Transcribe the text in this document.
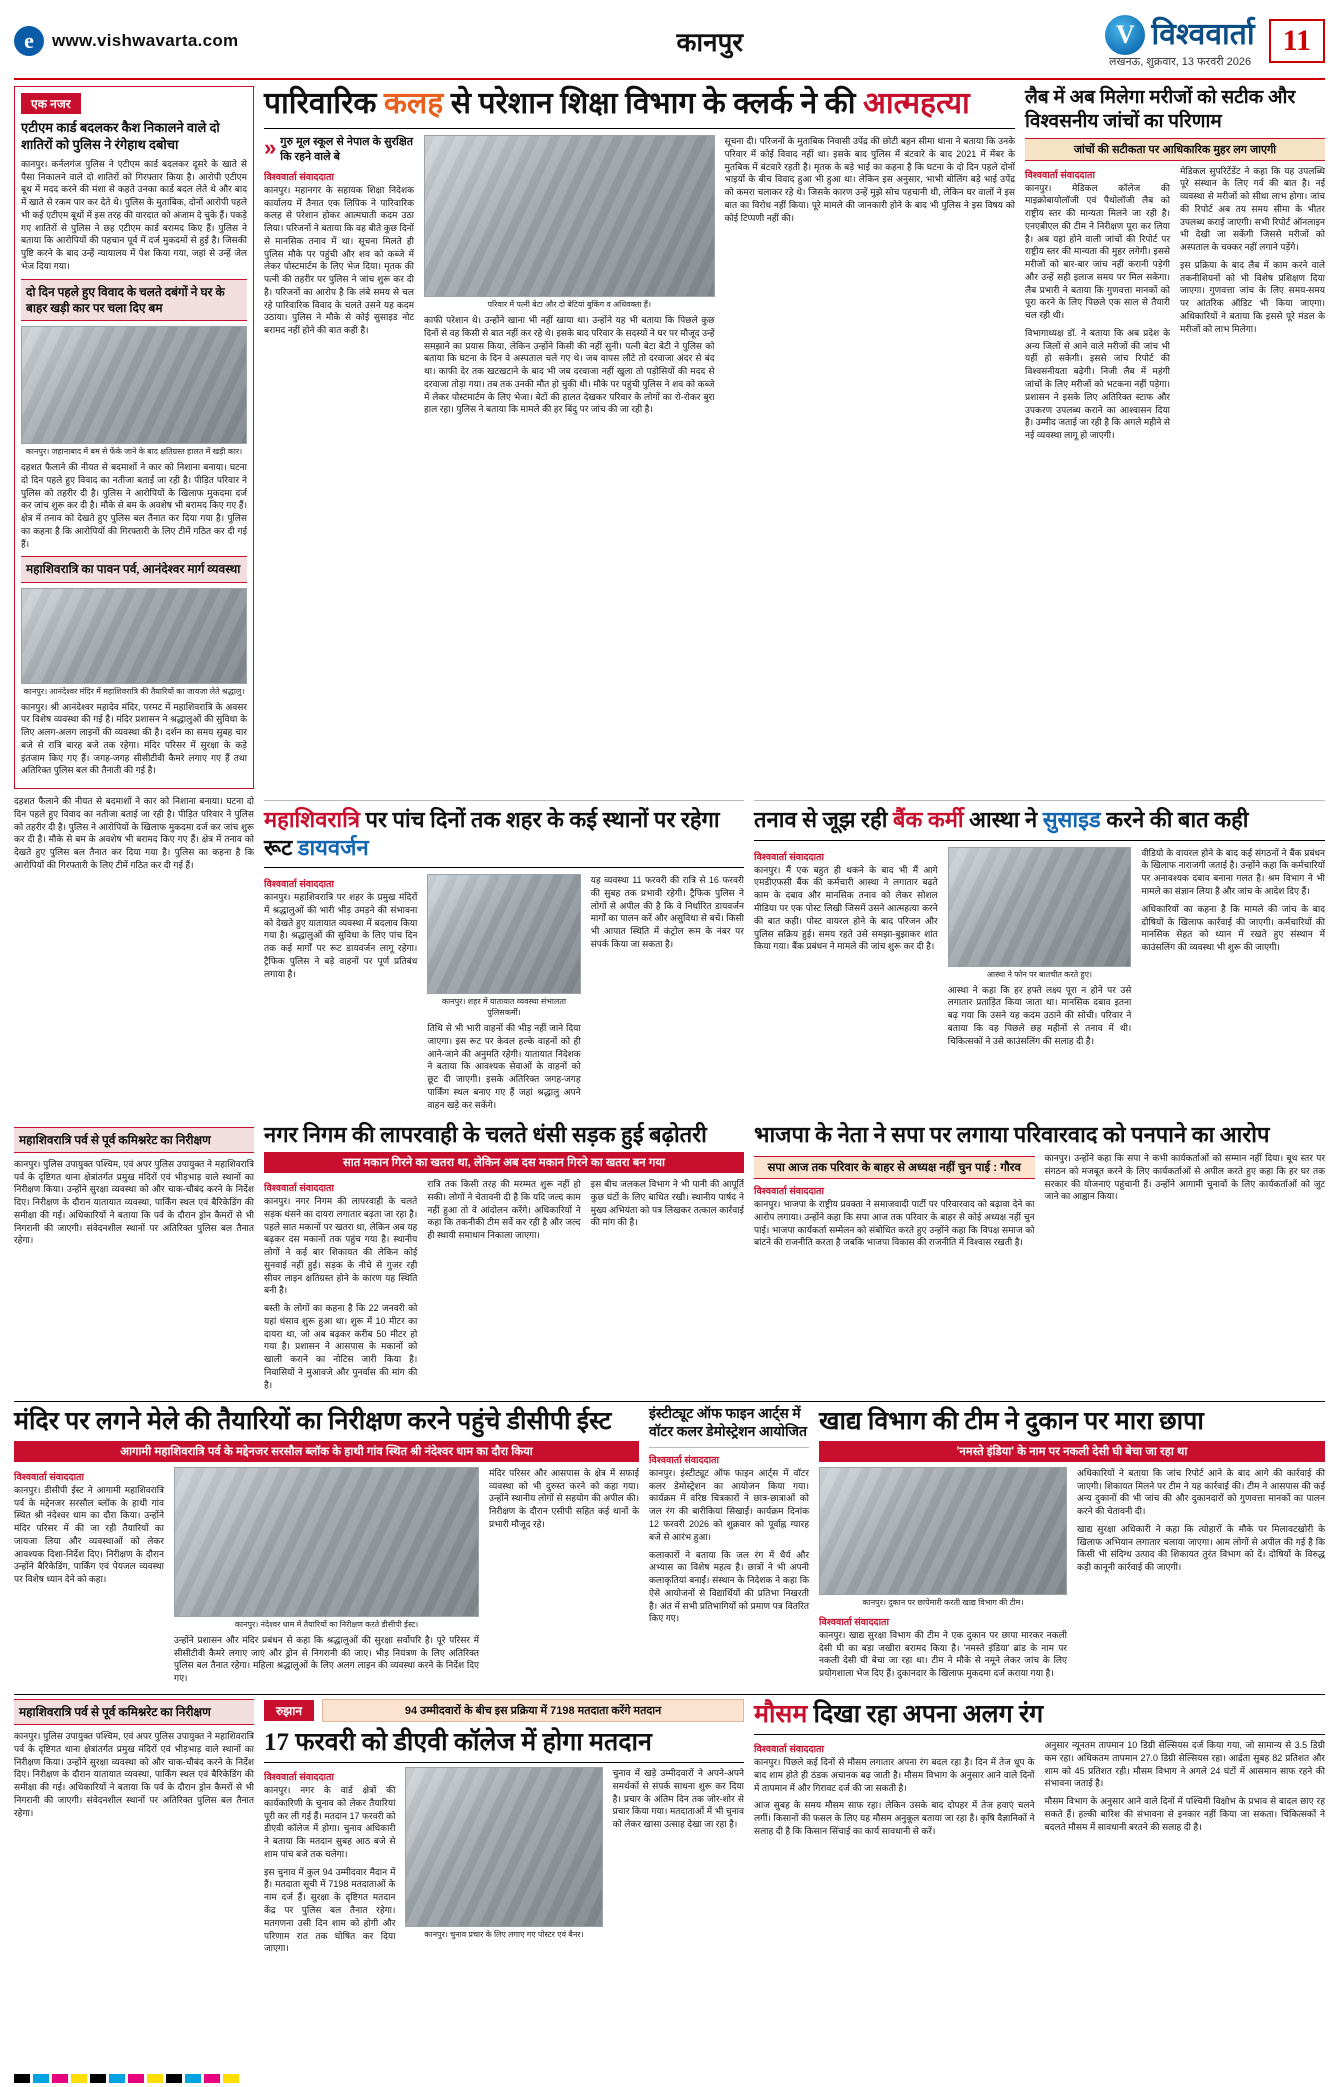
e	www.vishwavarta.com	कानपुर	V विश्ववार्ता
लखनऊ, शुक्रवार, 13 फरवरी 2026
11
एक नजर
एटीएम कार्ड बदलकर कैश निकालने वाले दो शातिरों को पुलिस ने रंगेहाथ दबोचा

कानपुर। कर्नलगंज पुलिस ने एटीएम कार्ड बदलकर दूसरे के खाते से पैसा निकालने वाले दो शातिरों को गिरफ्तार किया है। आरोपी एटीएम बूथ में मदद करने की मंशा से कहते उनका कार्ड बदल लेते थे और बाद में खाते से रकम पार कर देते थे। पुलिस के मुताबिक, दोनों आरोपी पहले भी कई एटीएम बूथों में इस तरह की वारदात को अंजाम दे चुके हैं। पकड़े गए शातिरों से पुलिस ने छह एटीएम कार्ड बरामद किए हैं। पुलिस ने बताया कि आरोपियों की पहचान पूर्व में दर्ज मुकदमों से हुई है। जिसकी पुष्टि करने के बाद उन्हें न्यायालय में पेश किया गया, जहां से उन्हें जेल भेज दिया गया।

दो दिन पहले हुए विवाद के चलते दबंगों ने घर के बाहर खड़ी कार पर चला दिए बम
कानपुर। जहानाबाद में बम से फेंके जाने के बाद क्षतिग्रस्त हालत में खड़ी कार।

दहशत फैलाने की नीयत से बदमाशों ने कार को निशाना बनाया। घटना दो दिन पहले हुए विवाद का नतीजा बताई जा रही है। पीड़ित परिवार ने पुलिस को तहरीर दी है। पुलिस ने आरोपियों के खिलाफ मुकदमा दर्ज कर जांच शुरू कर दी है। मौके से बम के अवशेष भी बरामद किए गए हैं। क्षेत्र में तनाव को देखते हुए पुलिस बल तैनात कर दिया गया है। पुलिस का कहना है कि आरोपियों की गिरफ्तारी के लिए टीमें गठित कर दी गई हैं।

महाशिवरात्रि का पावन पर्व, आनंदेश्वर मार्ग व्यवस्था
कानपुर। आनंदेश्वर मंदिर में महाशिवरात्रि की तैयारियों का जायजा लेते श्रद्धालु।

कानपुर। श्री आनंदेश्वर महादेव मंदिर, परमट में महाशिवरात्रि के अवसर पर विशेष व्यवस्था की गई है। मंदिर प्रशासन ने श्रद्धालुओं की सुविधा के लिए अलग-अलग लाइनों की व्यवस्था की है। दर्शन का समय सुबह चार बजे से रात्रि बारह बजे तक रहेगा। मंदिर परिसर में सुरक्षा के कड़े इंतजाम किए गए हैं। जगह-जगह सीसीटीवी कैमरे लगाए गए हैं तथा अतिरिक्त पुलिस बल की तैनाती की गई है।

पारिवारिक कलह से परेशान शिक्षा विभाग के क्लर्क ने की आत्महत्या
» गुरु मूल स्कूल से नेपाल के सुरक्षित कि रहने वाले बे
विश्ववार्ता संवाददाता

कानपुर। महानगर के सहायक शिक्षा निदेशक कार्यालय में तैनात एक लिपिक ने पारिवारिक कलह से परेशान होकर आत्मघाती कदम उठा लिया। परिजनों ने बताया कि वह बीते कुछ दिनों से मानसिक तनाव में था। सूचना मिलते ही पुलिस मौके पर पहुंची और शव को कब्जे में लेकर पोस्टमार्टम के लिए भेज दिया। मृतक की पत्नी की तहरीर पर पुलिस ने जांच शुरू कर दी है। परिजनों का आरोप है कि लंबे समय से चल रहे पारिवारिक विवाद के चलते उसने यह कदम उठाया। पुलिस ने मौके से कोई सुसाइड नोट बरामद नहीं होने की बात कही है।

परिवार में पत्नी बेटा और दो बेटियां बुकिंग व अधिवक्ता हैं।

काफी परेशान थे। उन्होंने खाना भी नहीं खाया था। उन्होंने यह भी बताया कि पिछले कुछ दिनों से वह किसी से बात नहीं कर रहे थे। इसके बाद परिवार के सदस्यों ने घर पर मौजूद उन्हें समझाने का प्रयास किया, लेकिन उन्होंने किसी की नहीं सुनी। पत्नी बेटा बेटी ने पुलिस को बताया कि घटना के दिन वे अस्पताल चले गए थे। जब वापस लौटे तो दरवाजा अंदर से बंद था। काफी देर तक खटखटाने के बाद भी जब दरवाजा नहीं खुला तो पड़ोसियों की मदद से दरवाजा तोड़ा गया। तब तक उनकी मौत हो चुकी थी। मौके पर पहुंची पुलिस ने शव को कब्जे में लेकर पोस्टमार्टम के लिए भेजा। बेटों की हालत देखकर परिवार के लोगों का रो-रोकर बुरा हाल रहा। पुलिस ने बताया कि मामले की हर बिंदु पर जांच की जा रही है।

सूचना दी। परिजनों के मुताबिक निवासी उपेंद्र की छोटी बहन सीमा थाना ने बताया कि उनके परिवार में कोई विवाद नहीं था। इसके बाद पुलिस में बंटवारे के बाद 2021 में मेंबर के मुतबिक में बंटवारे रहती है। मृतक के बड़े भाई का कहना है कि घटना के दो दिन पहले दोनों भाइयों के बीच विवाद हुआ भी हुआ था। लेकिन इस अनुसार, भाभी बोलिंग बड़े भाई उपेंद्र को कमरा चलाकर रहे थे। जिसके कारण उन्हें मुझे सोच पहचानी थी, लेकिन घर वालों ने इस बात का विरोध नहीं किया। पूरे मामले की जानकारी होने के बाद भी पुलिस ने इस विषय को कोई टिप्पणी नहीं की।

लैब में अब मिलेगा मरीजों को सटीक और विश्वसनीय जांचों का परिणाम
जांचों की सटीकता पर आधिकारिक मुहर लग जाएगी
विश्ववार्ता संवाददाता

कानपुर। मेडिकल कॉलेज की माइक्रोबायोलॉजी एवं पैथोलॉजी लैब को राष्ट्रीय स्तर की मान्यता मिलने जा रही है। एनएबीएल की टीम ने निरीक्षण पूरा कर लिया है। अब यहां होने वाली जांचों की रिपोर्ट पर राष्ट्रीय स्तर की मान्यता की मुहर लगेगी। इससे मरीजों को बार-बार जांच नहीं करानी पड़ेगी और उन्हें सही इलाज समय पर मिल सकेगा। लैब प्रभारी ने बताया कि गुणवत्ता मानकों को पूरा करने के लिए पिछले एक साल से तैयारी चल रही थी।

विभागाध्यक्ष डॉ. ने बताया कि अब प्रदेश के अन्य जिलों से आने वाले मरीजों की जांच भी यहीं हो सकेगी। इससे जांच रिपोर्ट की विश्वसनीयता बढ़ेगी। निजी लैब में महंगी जांचों के लिए मरीजों को भटकना नहीं पड़ेगा। प्रशासन ने इसके लिए अतिरिक्त स्टाफ और उपकरण उपलब्ध कराने का आश्वासन दिया है। उम्मीद जताई जा रही है कि अगले महीने से नई व्यवस्था लागू हो जाएगी।

मेडिकल सुपरिटेंडेंट ने कहा कि यह उपलब्धि पूरे संस्थान के लिए गर्व की बात है। नई व्यवस्था से मरीजों को सीधा लाभ होगा। जांच की रिपोर्ट अब तय समय सीमा के भीतर उपलब्ध कराई जाएगी। सभी रिपोर्ट ऑनलाइन भी देखी जा सकेंगी जिससे मरीजों को अस्पताल के चक्कर नहीं लगाने पड़ेंगे।

इस प्रक्रिया के बाद लैब में काम करने वाले तकनीशियनों को भी विशेष प्रशिक्षण दिया जाएगा। गुणवत्ता जांच के लिए समय-समय पर आंतरिक ऑडिट भी किया जाएगा। अधिकारियों ने बताया कि इससे पूरे मंडल के मरीजों को लाभ मिलेगा।

दहशत फैलाने की नीयत से बदमाशों ने कार को निशाना बनाया। घटना दो दिन पहले हुए विवाद का नतीजा बताई जा रही है। पीड़ित परिवार ने पुलिस को तहरीर दी है। पुलिस ने आरोपियों के खिलाफ मुकदमा दर्ज कर जांच शुरू कर दी है। मौके से बम के अवशेष भी बरामद किए गए हैं। क्षेत्र में तनाव को देखते हुए पुलिस बल तैनात कर दिया गया है। पुलिस का कहना है कि आरोपियों की गिरफ्तारी के लिए टीमें गठित कर दी गई हैं।

महाशिवरात्रि पर पांच दिनों तक शहर के कई स्थानों पर रहेगा रूट डायवर्जन
विश्ववार्ता संवाददाता

कानपुर। महाशिवरात्रि पर शहर के प्रमुख मंदिरों में श्रद्धालुओं की भारी भीड़ उमड़ने की संभावना को देखते हुए यातायात व्यवस्था में बदलाव किया गया है। श्रद्धालुओं की सुविधा के लिए पांच दिन तक कई मार्गों पर रूट डायवर्जन लागू रहेगा। ट्रैफिक पुलिस ने बड़े वाहनों पर पूर्ण प्रतिबंध लगाया है।

कानपुर। शहर में यातायात व्यवस्था संभालता पुलिसकर्मी।

तिथि से भी भारी वाहनों की भीड़ नहीं जाने दिया जाएगा। इस रूट पर केवल हल्के वाहनों को ही आने-जाने की अनुमति रहेगी। यातायात निदेशक ने बताया कि आवश्यक सेवाओं के वाहनों को छूट दी जाएगी। इसके अतिरिक्त जगह-जगह पार्किंग स्थल बनाए गए हैं जहां श्रद्धालु अपने वाहन खड़े कर सकेंगे।

यह व्यवस्था 11 फरवरी की रात्रि से 16 फरवरी की सुबह तक प्रभावी रहेगी। ट्रैफिक पुलिस ने लोगों से अपील की है कि वे निर्धारित डायवर्जन मार्गों का पालन करें और असुविधा से बचें। किसी भी आपात स्थिति में कंट्रोल रूम के नंबर पर संपर्क किया जा सकता है।

तनाव से जूझ रही बैंक कर्मी आस्था ने सुसाइड करने की बात कही
विश्ववार्ता संवाददाता

कानपुर। मैं एक बहुत ही थकने के बाद भी मैं आगे एमडीएफसी बैंक की कर्मचारी आस्था ने लगातार बढ़ते काम के दबाव और मानसिक तनाव को लेकर सोशल मीडिया पर एक पोस्ट लिखी जिसमें उसने आत्महत्या करने की बात कही। पोस्ट वायरल होने के बाद परिजन और पुलिस सक्रिय हुई। समय रहते उसे समझा-बुझाकर शांत किया गया। बैंक प्रबंधन ने मामले की जांच शुरू कर दी है।

आस्था ने फोन पर बातचीत करते हुए।

आस्था ने कहा कि हर हफ्ते लक्ष्य पूरा न होने पर उसे लगातार प्रताड़ित किया जाता था। मानसिक दबाव इतना बढ़ गया कि उसने यह कदम उठाने की सोची। परिवार ने बताया कि वह पिछले छह महीनों से तनाव में थी। चिकित्सकों ने उसे काउंसलिंग की सलाह दी है।

वीडियो के वायरल होने के बाद कई संगठनों ने बैंक प्रबंधन के खिलाफ नाराजगी जताई है। उन्होंने कहा कि कर्मचारियों पर अनावश्यक दबाव बनाना गलत है। श्रम विभाग ने भी मामले का संज्ञान लिया है और जांच के आदेश दिए हैं।

अधिकारियों का कहना है कि मामले की जांच के बाद दोषियों के खिलाफ कार्रवाई की जाएगी। कर्मचारियों की मानसिक सेहत को ध्यान में रखते हुए संस्थान में काउंसलिंग की व्यवस्था भी शुरू की जाएगी।

महाशिवरात्रि पर्व से पूर्व कमिश्नरेट का निरीक्षण

कानपुर। पुलिस उपायुक्त पश्चिम, एवं अपर पुलिस उपायुक्त ने महाशिवरात्रि पर्व के दृष्टिगत थाना क्षेत्रांतर्गत प्रमुख मंदिरों एवं भीड़भाड़ वाले स्थानों का निरीक्षण किया। उन्होंने सुरक्षा व्यवस्था को और चाक-चौबंद करने के निर्देश दिए। निरीक्षण के दौरान यातायात व्यवस्था, पार्किंग स्थल एवं बैरिकेडिंग की समीक्षा की गई। अधिकारियों ने बताया कि पर्व के दौरान ड्रोन कैमरों से भी निगरानी की जाएगी। संवेदनशील स्थानों पर अतिरिक्त पुलिस बल तैनात रहेगा।

नगर निगम की लापरवाही के चलते धंसी सड़क हुई बढ़ोतरी
सात मकान गिरने का खतरा था, लेकिन अब दस मकान गिरने का खतरा बन गया
विश्ववार्ता संवाददाता

कानपुर। नगर निगम की लापरवाही के चलते सड़क धंसने का दायरा लगातार बढ़ता जा रहा है। पहले सात मकानों पर खतरा था, लेकिन अब यह बढ़कर दस मकानों तक पहुंच गया है। स्थानीय लोगों ने कई बार शिकायत की लेकिन कोई सुनवाई नहीं हुई। सड़क के नीचे से गुजर रही सीवर लाइन क्षतिग्रस्त होने के कारण यह स्थिति बनी है।

बस्ती के लोगों का कहना है कि 22 जनवरी को यहां धंसाव शुरू हुआ था। शुरू में 10 मीटर का दायरा था, जो अब बढ़कर करीब 50 मीटर हो गया है। प्रशासन ने आसपास के मकानों को खाली कराने का नोटिस जारी किया है। निवासियों ने मुआवजे और पुनर्वास की मांग की है।

रात्रि तक किसी तरह की मरम्मत शुरू नहीं हो सकी। लोगों ने चेतावनी दी है कि यदि जल्द काम नहीं हुआ तो वे आंदोलन करेंगे। अधिकारियों ने कहा कि तकनीकी टीम सर्वे कर रही है और जल्द ही स्थायी समाधान निकाला जाएगा।

इस बीच जलकल विभाग ने भी पानी की आपूर्ति कुछ घंटों के लिए बाधित रखी। स्थानीय पार्षद ने मुख्य अभियंता को पत्र लिखकर तत्काल कार्रवाई की मांग की है।

भाजपा के नेता ने सपा पर लगाया परिवारवाद को पनपाने का आरोप
सपा आज तक परिवार के बाहर से अध्यक्ष नहीं चुन पाई : गौरव
विश्ववार्ता संवाददाता

कानपुर। भाजपा के राष्ट्रीय प्रवक्ता ने समाजवादी पार्टी पर परिवारवाद को बढ़ावा देने का आरोप लगाया। उन्होंने कहा कि सपा आज तक परिवार के बाहर से कोई अध्यक्ष नहीं चुन पाई। भाजपा कार्यकर्ता सम्मेलन को संबोधित करते हुए उन्होंने कहा कि विपक्ष समाज को बांटने की राजनीति करता है जबकि भाजपा विकास की राजनीति में विश्वास रखती है।

कानपुर। उन्होंने कहा कि सपा ने कभी कार्यकर्ताओं को सम्मान नहीं दिया। बूथ स्तर पर संगठन को मजबूत करने के लिए कार्यकर्ताओं से अपील करते हुए कहा कि हर घर तक सरकार की योजनाएं पहुंचानी हैं। उन्होंने आगामी चुनावों के लिए कार्यकर्ताओं को जुट जाने का आह्वान किया।

मंदिर पर लगने मेले की तैयारियों का निरीक्षण करने पहुंचे डीसीपी ईस्ट
आगामी महाशिवरात्रि पर्व के मद्देनजर सरसौल ब्लॉक के हाथी गांव स्थित श्री नंदेश्वर धाम का दौरा किया
विश्ववार्ता संवाददाता

कानपुर। डीसीपी ईस्ट ने आगामी महाशिवरात्रि पर्व के मद्देनजर सरसौल ब्लॉक के हाथी गांव स्थित श्री नंदेश्वर धाम का दौरा किया। उन्होंने मंदिर परिसर में की जा रही तैयारियों का जायजा लिया और व्यवस्थाओं को लेकर आवश्यक दिशा-निर्देश दिए। निरीक्षण के दौरान उन्होंने बैरिकेडिंग, पार्किंग एवं पेयजल व्यवस्था पर विशेष ध्यान देने को कहा।

कानपुर। नंदेश्वर धाम में तैयारियों का निरीक्षण करते डीसीपी ईस्ट।

उन्होंने प्रशासन और मंदिर प्रबंधन से कहा कि श्रद्धालुओं की सुरक्षा सर्वोपरि है। पूरे परिसर में सीसीटीवी कैमरे लगाए जाएं और ड्रोन से निगरानी की जाए। भीड़ नियंत्रण के लिए अतिरिक्त पुलिस बल तैनात रहेगा। महिला श्रद्धालुओं के लिए अलग लाइन की व्यवस्था करने के निर्देश दिए गए।

मंदिर परिसर और आसपास के क्षेत्र में सफाई व्यवस्था को भी दुरुस्त करने को कहा गया। उन्होंने स्थानीय लोगों से सहयोग की अपील की। निरीक्षण के दौरान एसीपी सहित कई थानों के प्रभारी मौजूद रहे।

इंस्टीट्यूट ऑफ फाइन आर्ट्स में वॉटर कलर डेमोस्ट्रेशन आयोजित
विश्ववार्ता संवाददाता

कानपुर। इंस्टीट्यूट ऑफ फाइन आर्ट्स में वॉटर कलर डेमोस्ट्रेशन का आयोजन किया गया। कार्यक्रम में वरिष्ठ चित्रकारों ने छात्र-छात्राओं को जल रंग की बारीकियां सिखाईं। कार्यक्रम दिनांक 12 फरवरी 2026 को शुक्रवार को पूर्वाह्न ग्यारह बजे से आरंभ हुआ।

कलाकारों ने बताया कि जल रंग में धैर्य और अभ्यास का विशेष महत्व है। छात्रों ने भी अपनी कलाकृतियां बनाईं। संस्थान के निदेशक ने कहा कि ऐसे आयोजनों से विद्यार्थियों की प्रतिभा निखरती है। अंत में सभी प्रतिभागियों को प्रमाण पत्र वितरित किए गए।

खाद्य विभाग की टीम ने दुकान पर मारा छापा
'नमस्ते इंडिया' के नाम पर नकली देसी घी बेचा जा रहा था
कानपुर। दुकान पर छापेमारी करती खाद्य विभाग की टीम।
विश्ववार्ता संवाददाता

कानपुर। खाद्य सुरक्षा विभाग की टीम ने एक दुकान पर छापा मारकर नकली देसी घी का बड़ा जखीरा बरामद किया है। 'नमस्ते इंडिया' ब्रांड के नाम पर नकली देसी घी बेचा जा रहा था। टीम ने मौके से नमूने लेकर जांच के लिए प्रयोगशाला भेज दिए हैं। दुकानदार के खिलाफ मुकदमा दर्ज कराया गया है।

अधिकारियों ने बताया कि जांच रिपोर्ट आने के बाद आगे की कार्रवाई की जाएगी। शिकायत मिलने पर टीम ने यह कार्रवाई की। टीम ने आसपास की कई अन्य दुकानों की भी जांच की और दुकानदारों को गुणवत्ता मानकों का पालन करने की चेतावनी दी।

खाद्य सुरक्षा अधिकारी ने कहा कि त्योहारों के मौके पर मिलावटखोरी के खिलाफ अभियान लगातार चलाया जाएगा। आम लोगों से अपील की गई है कि किसी भी संदिग्ध उत्पाद की शिकायत तुरंत विभाग को दें। दोषियों के विरुद्ध कड़ी कानूनी कार्रवाई की जाएगी।

महाशिवरात्रि पर्व से पूर्व कमिश्नरेट का निरीक्षण

कानपुर। पुलिस उपायुक्त पश्चिम, एवं अपर पुलिस उपायुक्त ने महाशिवरात्रि पर्व के दृष्टिगत थाना क्षेत्रांतर्गत प्रमुख मंदिरों एवं भीड़भाड़ वाले स्थानों का निरीक्षण किया। उन्होंने सुरक्षा व्यवस्था को और चाक-चौबंद करने के निर्देश दिए। निरीक्षण के दौरान यातायात व्यवस्था, पार्किंग स्थल एवं बैरिकेडिंग की समीक्षा की गई। अधिकारियों ने बताया कि पर्व के दौरान ड्रोन कैमरों से भी निगरानी की जाएगी। संवेदनशील स्थानों पर अतिरिक्त पुलिस बल तैनात रहेगा।

रुझान	94 उम्मीदवारों के बीच इस प्रक्रिया में 7198 मतदाता करेंगे मतदान
17 फरवरी को डीएवी कॉलेज में होगा मतदान
विश्ववार्ता संवाददाता

कानपुर। नगर के वार्ड क्षेत्रों की कार्यकारिणी के चुनाव को लेकर तैयारियां पूरी कर ली गई हैं। मतदान 17 फरवरी को डीएवी कॉलेज में होगा। चुनाव अधिकारी ने बताया कि मतदान सुबह आठ बजे से शाम पांच बजे तक चलेगा।

इस चुनाव में कुल 94 उम्मीदवार मैदान में हैं। मतदाता सूची में 7198 मतदाताओं के नाम दर्ज हैं। सुरक्षा के दृष्टिगत मतदान केंद्र पर पुलिस बल तैनात रहेगा। मतगणना उसी दिन शाम को होगी और परिणाम रात तक घोषित कर दिया जाएगा।

कानपुर। चुनाव प्रचार के लिए लगाए गए पोस्टर एवं बैनर।

चुनाव में खड़े उम्मीदवारों ने अपने-अपने समर्थकों से संपर्क साधना शुरू कर दिया है। प्रचार के अंतिम दिन तक जोर-शोर से प्रचार किया गया। मतदाताओं में भी चुनाव को लेकर खासा उत्साह देखा जा रहा है।

मौसम दिखा रहा अपना अलग रंग
विश्ववार्ता संवाददाता

कानपुर। पिछले कई दिनों से मौसम लगातार अपना रंग बदल रहा है। दिन में तेज धूप के बाद शाम होते ही ठंडक अचानक बढ़ जाती है। मौसम विभाग के अनुसार आने वाले दिनों में तापमान में और गिरावट दर्ज की जा सकती है।

आज सुबह के समय मौसम साफ रहा। लेकिन उसके बाद दोपहर में तेज हवाएं चलने लगीं। किसानों की फसल के लिए यह मौसम अनुकूल बताया जा रहा है। कृषि वैज्ञानिकों ने सलाह दी है कि किसान सिंचाई का कार्य सावधानी से करें।

अनुसार न्यूनतम तापमान 10 डिग्री सेल्सियस दर्ज किया गया, जो सामान्य से 3.5 डिग्री कम रहा। अधिकतम तापमान 27.0 डिग्री सेल्सियस रहा। आर्द्रता सुबह 82 प्रतिशत और शाम को 45 प्रतिशत रही। मौसम विभाग ने अगले 24 घंटों में आसमान साफ रहने की संभावना जताई है।

मौसम विभाग के अनुसार आने वाले दिनों में पश्चिमी विक्षोभ के प्रभाव से बादल छाए रह सकते हैं। हल्की बारिश की संभावना से इनकार नहीं किया जा सकता। चिकित्सकों ने बदलते मौसम में सावधानी बरतने की सलाह दी है।
